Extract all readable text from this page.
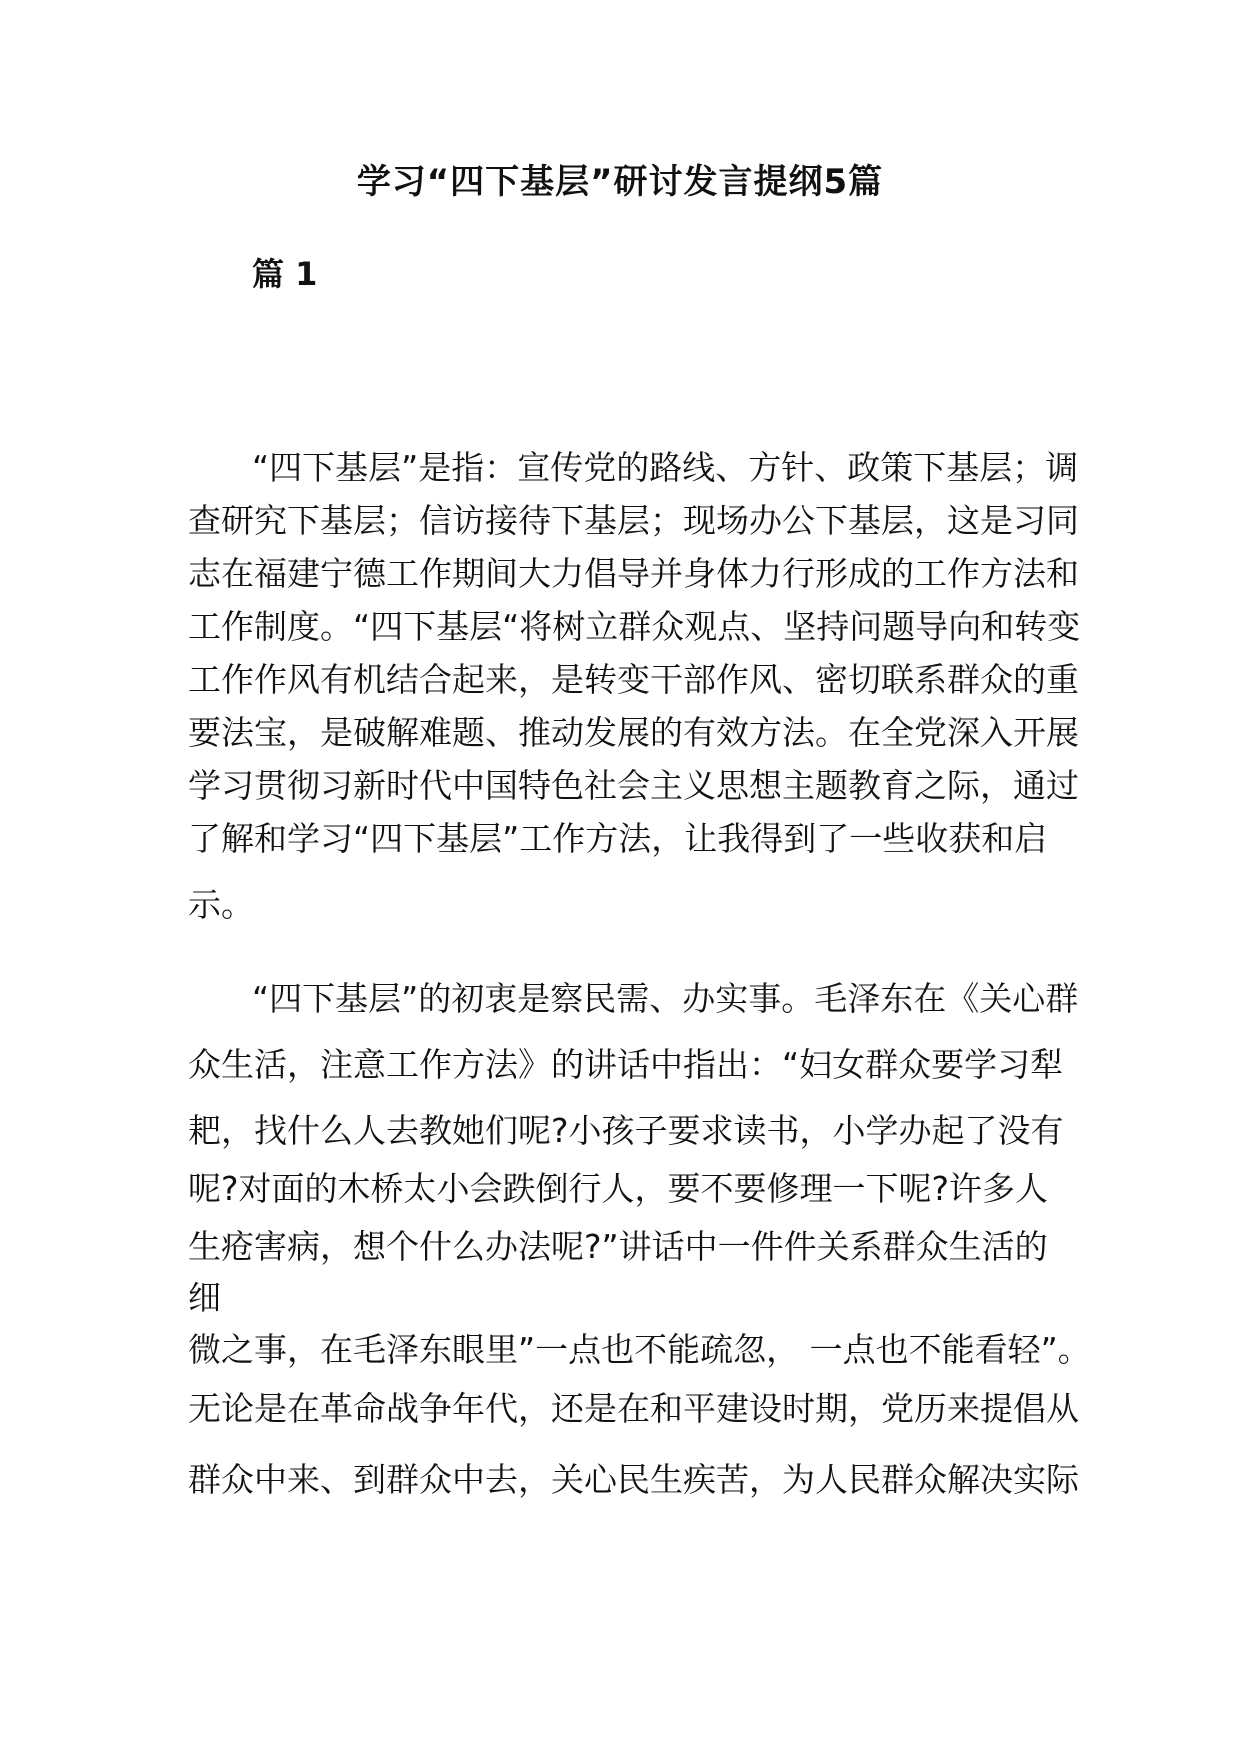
学习“四下基层”研讨发言提纲5篇
篇 1
“四下基层”是指：宣传党的路线、方针、政策下基层；调
查研究下基层；信访接待下基层；现场办公下基层，这是习同
志在福建宁德工作期间大力倡导并身体力行形成的工作方法和
工作制度。“四下基层“将树立群众观点、坚持问题导向和转变
工作作风有机结合起来，是转变干部作风、密切联系群众的重
要法宝，是破解难题、推动发展的有效方法。在全党深入开展
学习贯彻习新时代中国特色社会主义思想主题教育之际，通过
了解和学习“四下基层”工作方法，让我得到了一些收获和启
示。
“四下基层”的初衷是察民需、办实事。毛泽东在《关心群
众生活，注意工作方法》的讲话中指出：“妇女群众要学习犁
耙，找什么人去教她们呢?小孩子要求读书，小学办起了没有
呢?对面的木桥太小会跌倒行人，要不要修理一下呢?许多人
生疮害病，想个什么办法呢?”讲话中一件件关系群众生活的
细
微之事，在毛泽东眼里”一点也不能疏忽， 一点也不能看轻”。
无论是在革命战争年代，还是在和平建设时期，党历来提倡从
群众中来、到群众中去，关心民生疾苦，为人民群众解决实际
